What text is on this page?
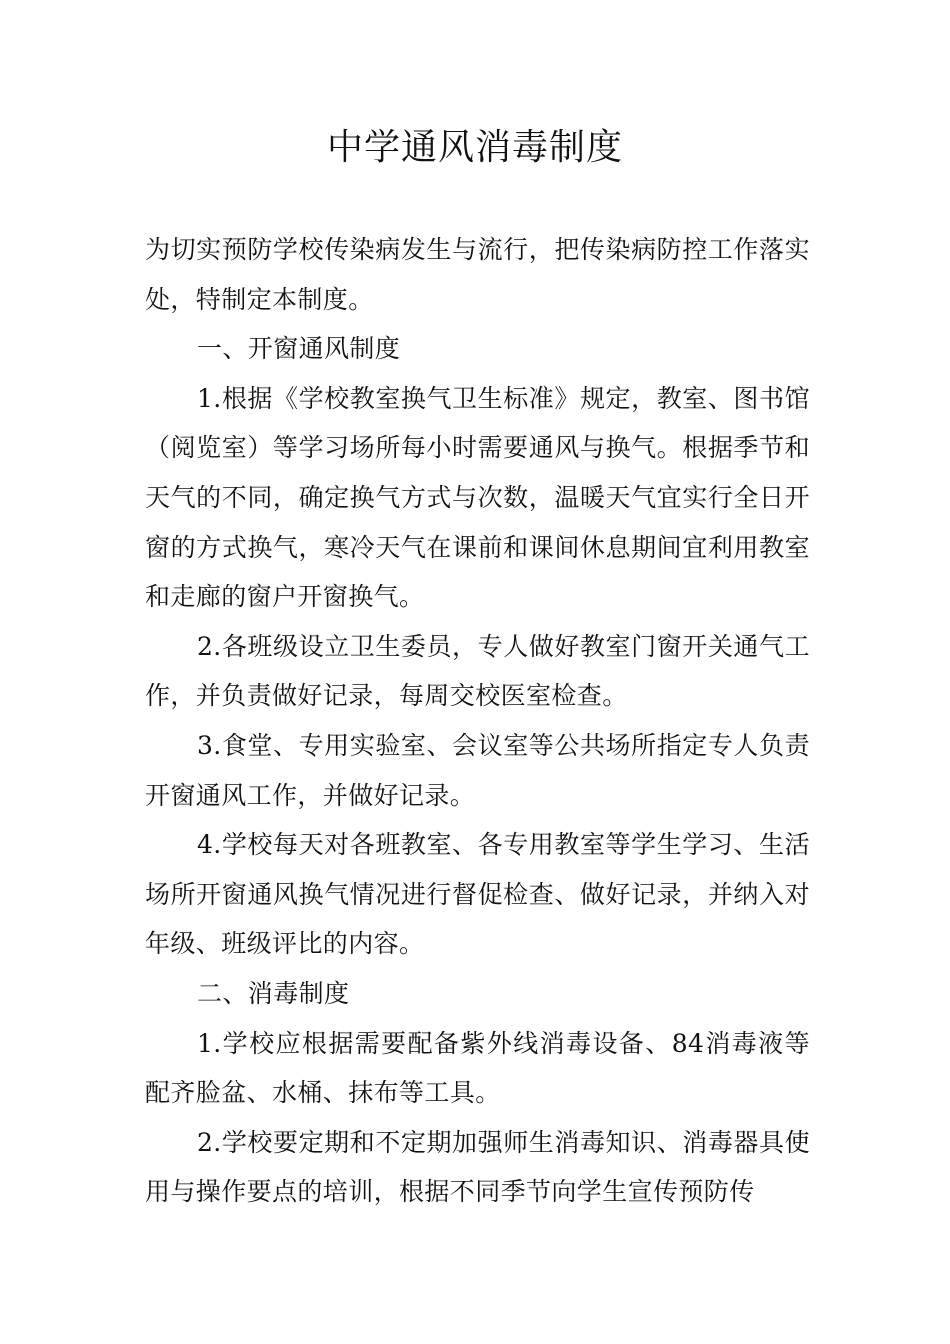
中学通风消毒制度

为切实预防学校传染病发生与流行，把传染病防控工作落实处，特制定本制度。

一、开窗通风制度

1.根据《学校教室换气卫生标准》规定，教室、图书馆（阅览室）等学习场所每小时需要通风与换气。根据季节和天气的不同，确定换气方式与次数，温暖天气宜实行全日开窗的方式换气，寒冷天气在课前和课间休息期间宜利用教室和走廊的窗户开窗换气。

2.各班级设立卫生委员，专人做好教室门窗开关通气工作，并负责做好记录，每周交校医室检查。

3.食堂、专用实验室、会议室等公共场所指定专人负责开窗通风工作，并做好记录。

4.学校每天对各班教室、各专用教室等学生学习、生活场所开窗通风换气情况进行督促检查、做好记录，并纳入对年级、班级评比的内容。

二、消毒制度

1.学校应根据需要配备紫外线消毒设备、84消毒液等配齐脸盆、水桶、抹布等工具。

2.学校要定期和不定期加强师生消毒知识、消毒器具使用与操作要点的培训，根据不同季节向学生宣传预防传
